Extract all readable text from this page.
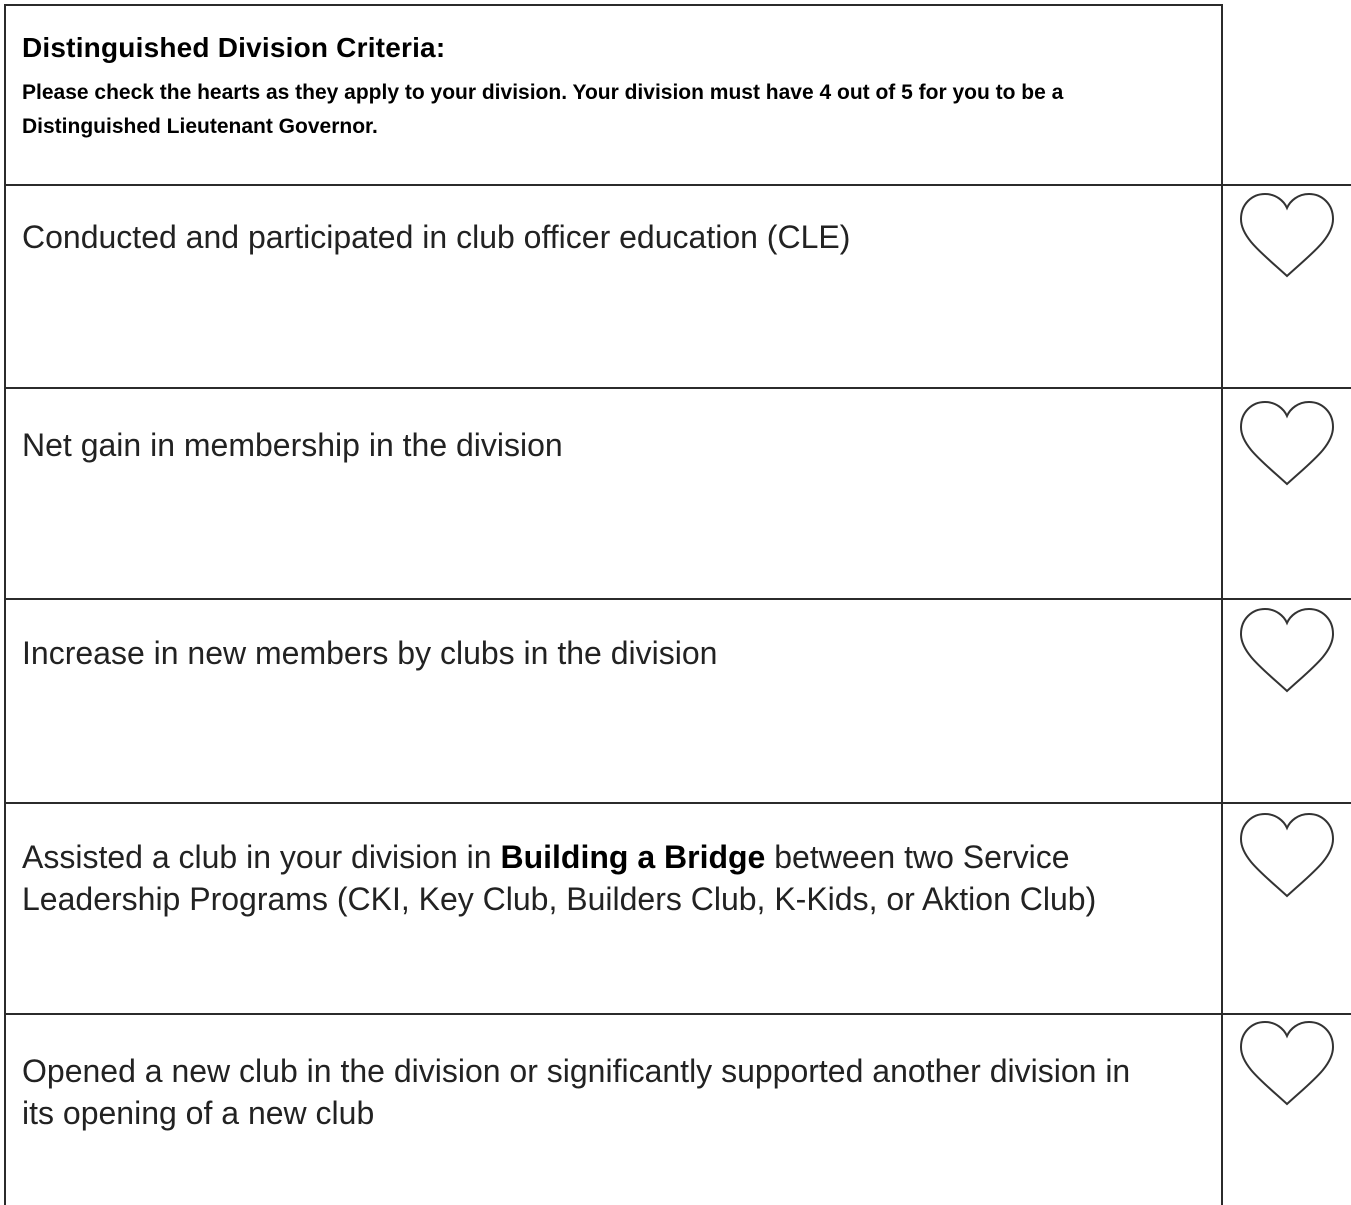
Distinguished Division Criteria:
Please check the hearts as they apply to your division. Your division must have 4 out of 5 for you to be a Distinguished Lieutenant Governor.
Conducted and participated in club officer education (CLE)
Net gain in membership in the division
Increase in new members by clubs in the division
Assisted a club in your division in Building a Bridge between two Service Leadership Programs (CKI, Key Club, Builders Club, K-Kids, or Aktion Club)
Opened a new club in the division or significantly supported another division in its opening of a new club
